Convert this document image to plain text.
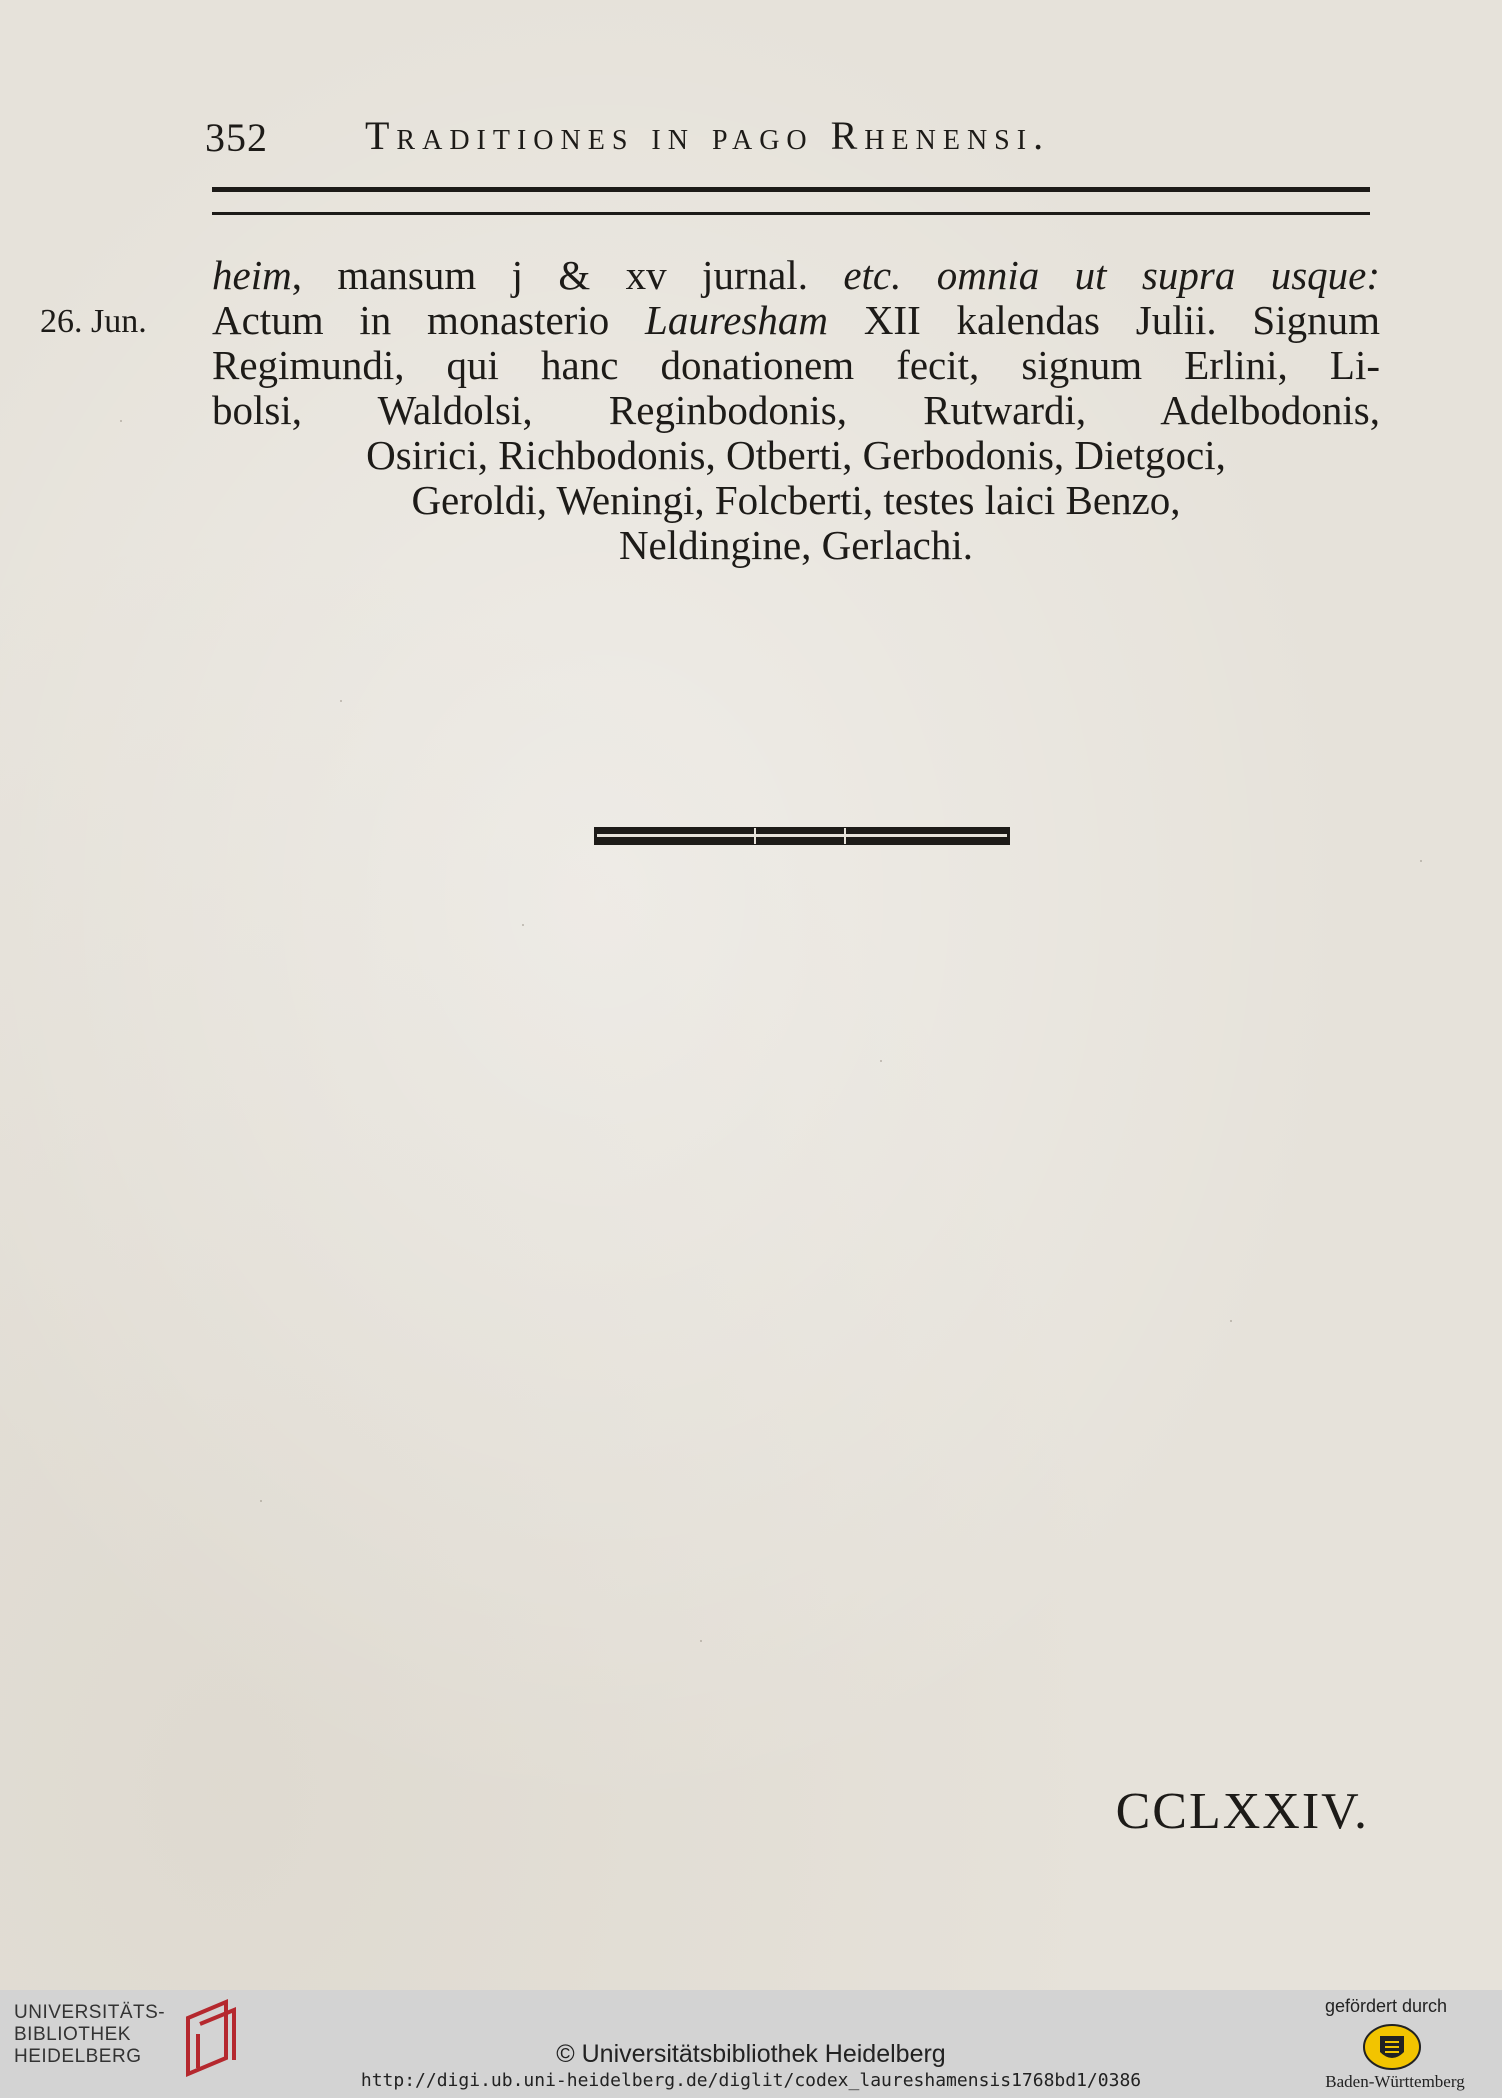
352 Traditiones in pago Rhenensi.
26. Jun.
heim, mansum j & xv jurnal. etc. omnia ut supra usque:
Actum in monasterio Lauresham XII kalendas Julii. Signum
Regimundi, qui hanc donationem fecit, signum Erlini, Li-
bolsi, Waldolsi, Reginbodonis, Rutwardi, Adelbodonis,
Osirici, Richbodonis, Otberti, Gerbodonis, Dietgoci,
Geroldi, Weningi, Folcberti, testes laici Benzo,
Neldingine, Gerlachi.
CCLXXIV.
UNIVERSITÄTS-
BIBLIOTHEK
HEIDELBERG	© Universitätsbibliothek Heidelberg
http://digi.ub.uni-heidelberg.de/diglit/codex_laureshamensis1768bd1/0386
gefördert durch
Baden-Württemberg
